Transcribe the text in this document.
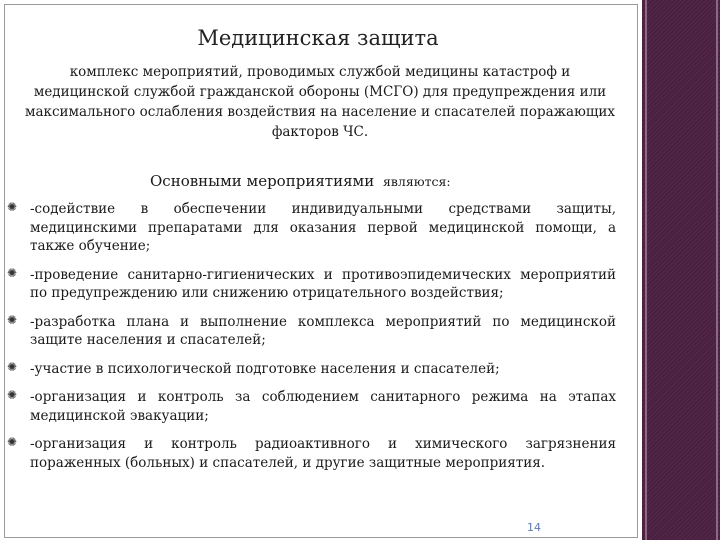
Медицинская защита
комплекс мероприятий, проводимых службой медицины катастроф и медицинской службой гражданской обороны (МСГО) для предупреждения или максимального ослабления воздействия на население и спасателей поражающих факторов ЧС.
Основными мероприятиями являются:
✺ -содействие в обеспечении индивидуальными средствами защиты, медицинскими препаратами для оказания первой медицинской помощи, а также обучение;
✺ -проведение санитарно-гигиенических и противоэпидемических мероприятий по предупреждению или снижению отрицательного воздействия;
✺ -разработка плана и выполнение комплекса мероприятий по медицинской защите населения и спасателей;
✺ -участие в психологической подготовке населения и спасателей;
✺ -организация и контроль за соблюдением санитарного режима на этапах медицинской эвакуации;
✺ -организация и контроль радиоактивного и химического загрязнения пораженных (больных) и спасателей, и другие защитные мероприятия.
14
